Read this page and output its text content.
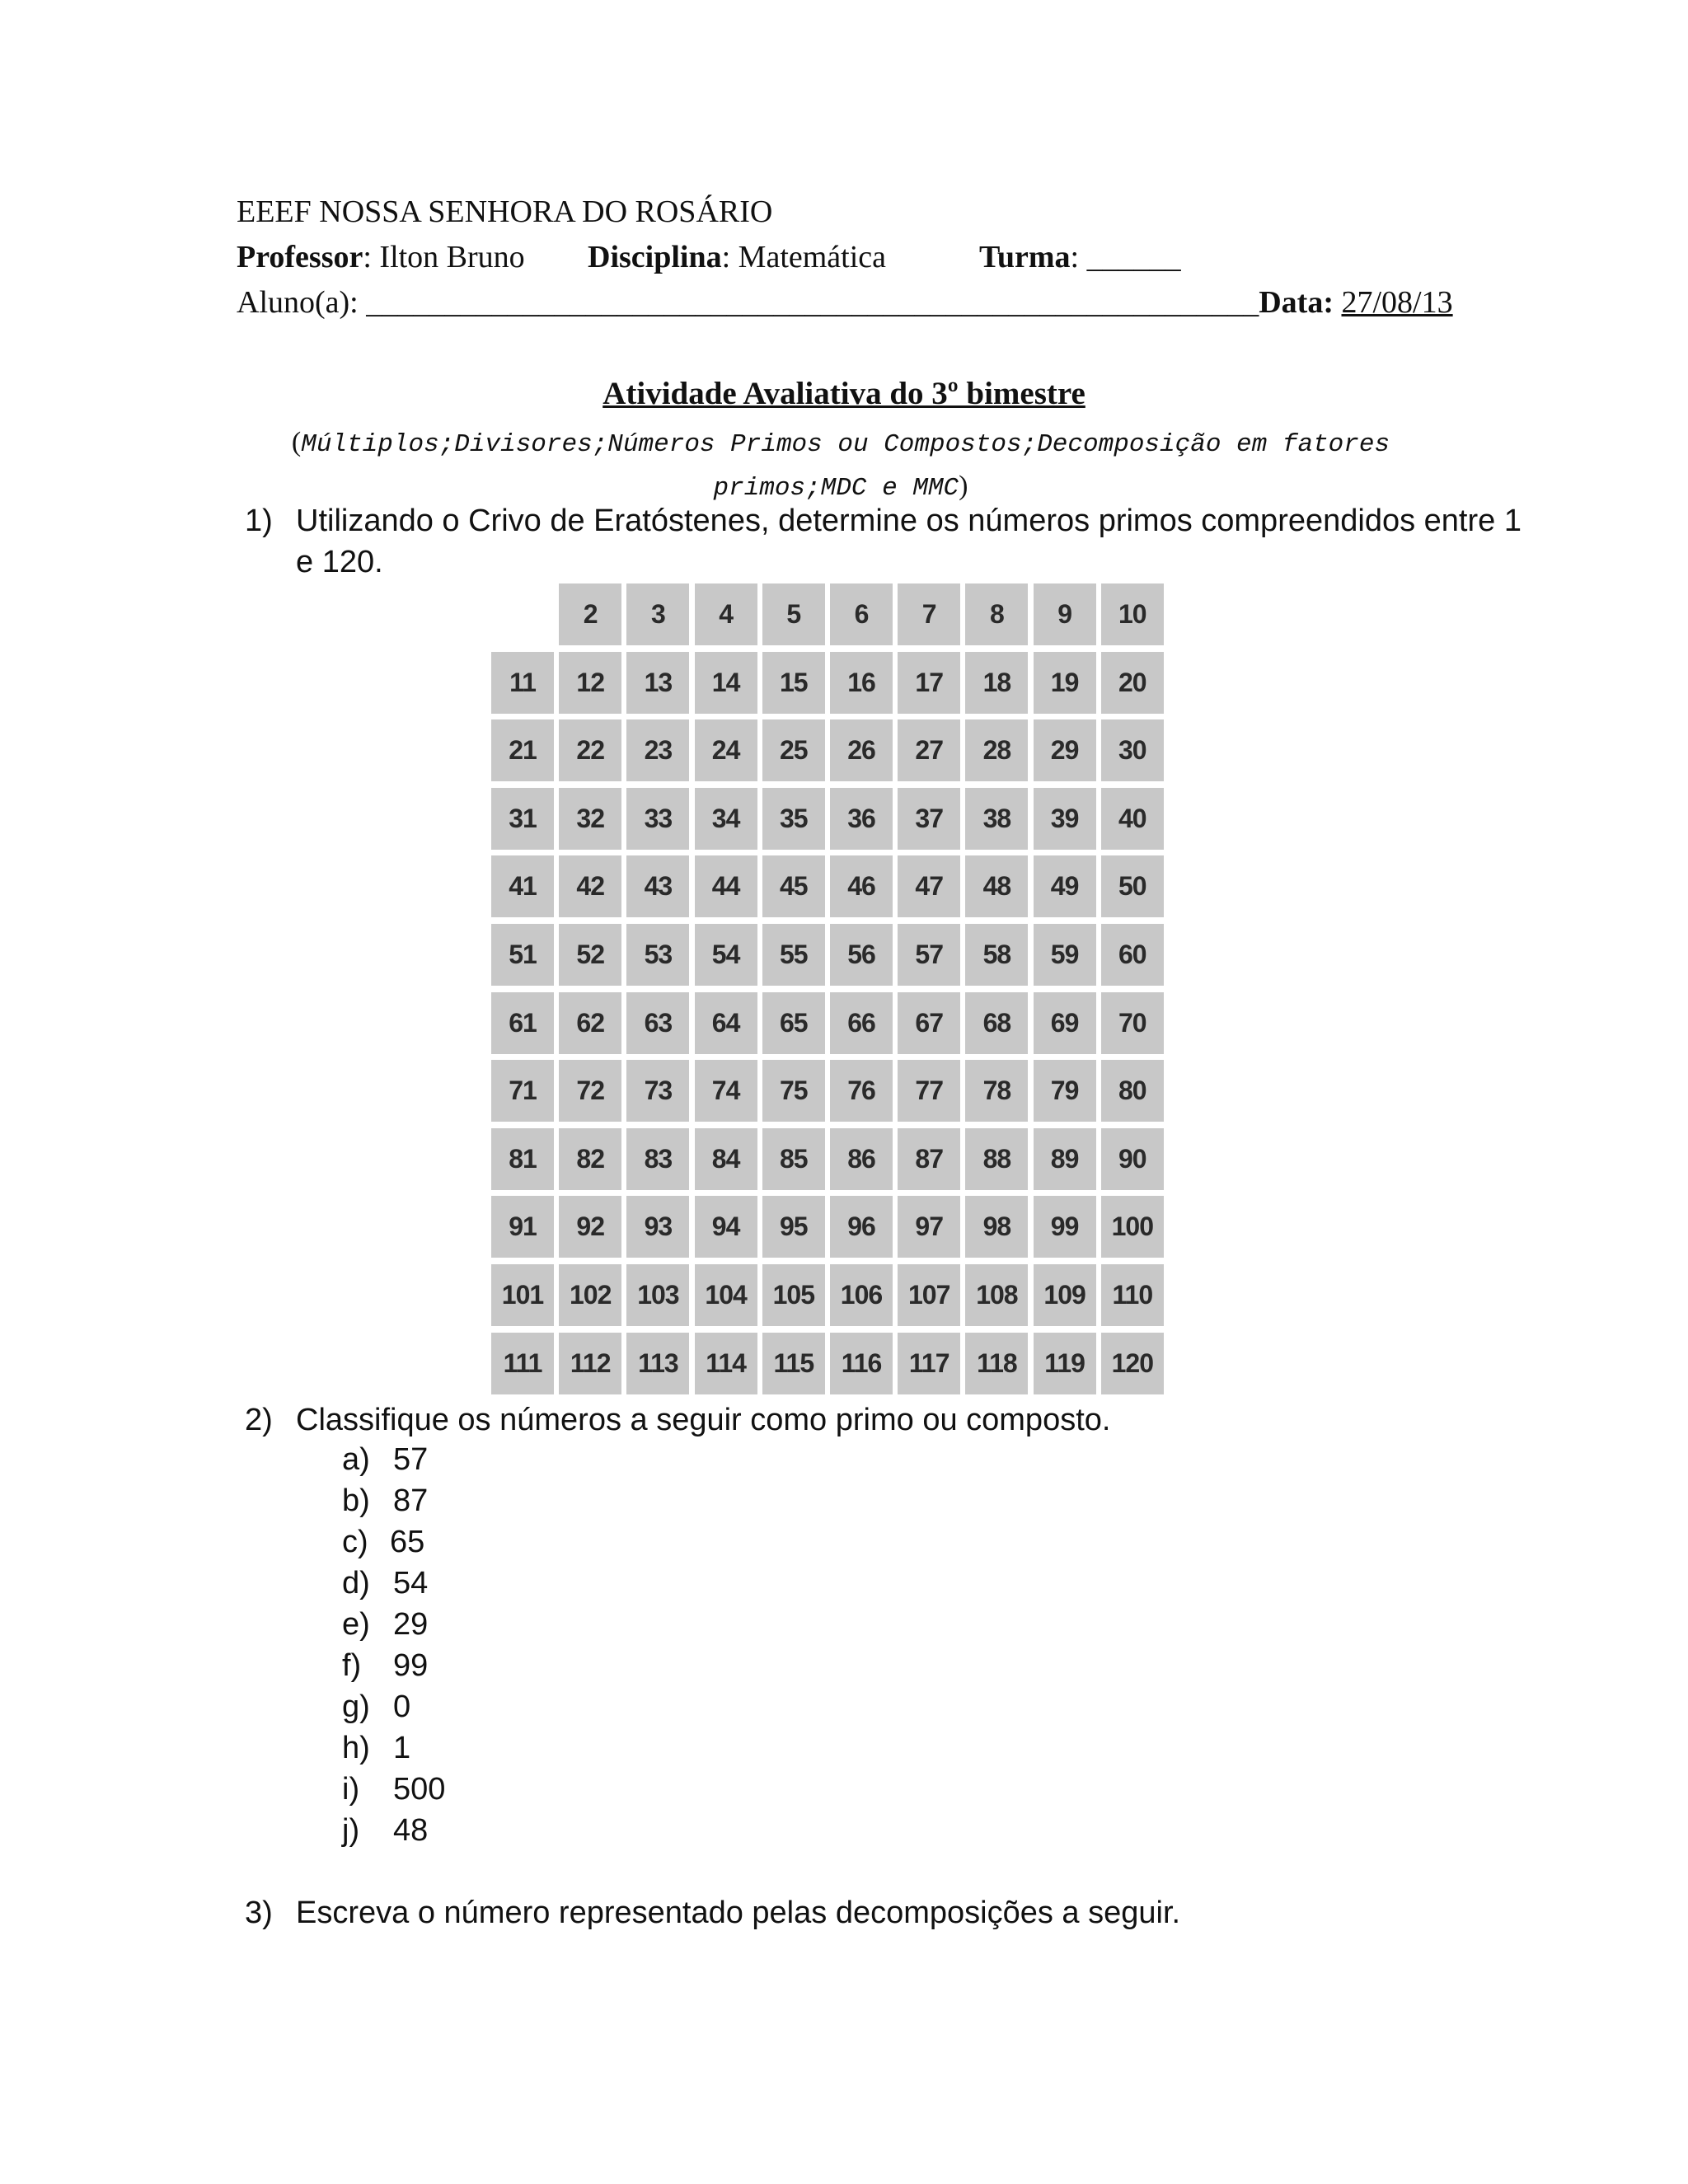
EEEF NOSSA SENHORA DO ROSÁRIO
Professor: Ilton Bruno Disciplina: Matemática	Turma: ______
Aluno(a): _________________________________________________________Data: 27/08/13
Atividade Avaliativa do 3º bimestre
(Múltiplos;Divisores;Números Primos ou Compostos;Decomposição em fatores
primos;MDC e MMC)
1) Utilizando o Crivo de Eratóstenes, determine os números primos compreendidos entre 1
e 120.
2	3	4	5	6	7	8	9	10
11	12	13	14	15	16	17	18	19	20
21	22	23	24	25	26	27	28	29	30
31	32	33	34	35	36	37	38	39	40
41	42	43	44	45	46	47	48	49	50
51	52	53	54	55	56	57	58	59	60
61	62	63	64	65	66	67	68	69	70
71	72	73	74	75	76	77	78	79	80
81	82	83	84	85	86	87	88	89	90
91	92	93	94	95	96	97	98	99	100
101 102 103 104 105 106 107 108 109	110
111	112	113	114	115	116	117	118	119	120
2) Classifique os números a seguir como primo ou composto.
a) 57
b) 87
c) 65
d) 54
e) 29
f) 99
g) 0
h) 1
i) 500
j) 48
3) Escreva o número representado pelas decomposições a seguir.
